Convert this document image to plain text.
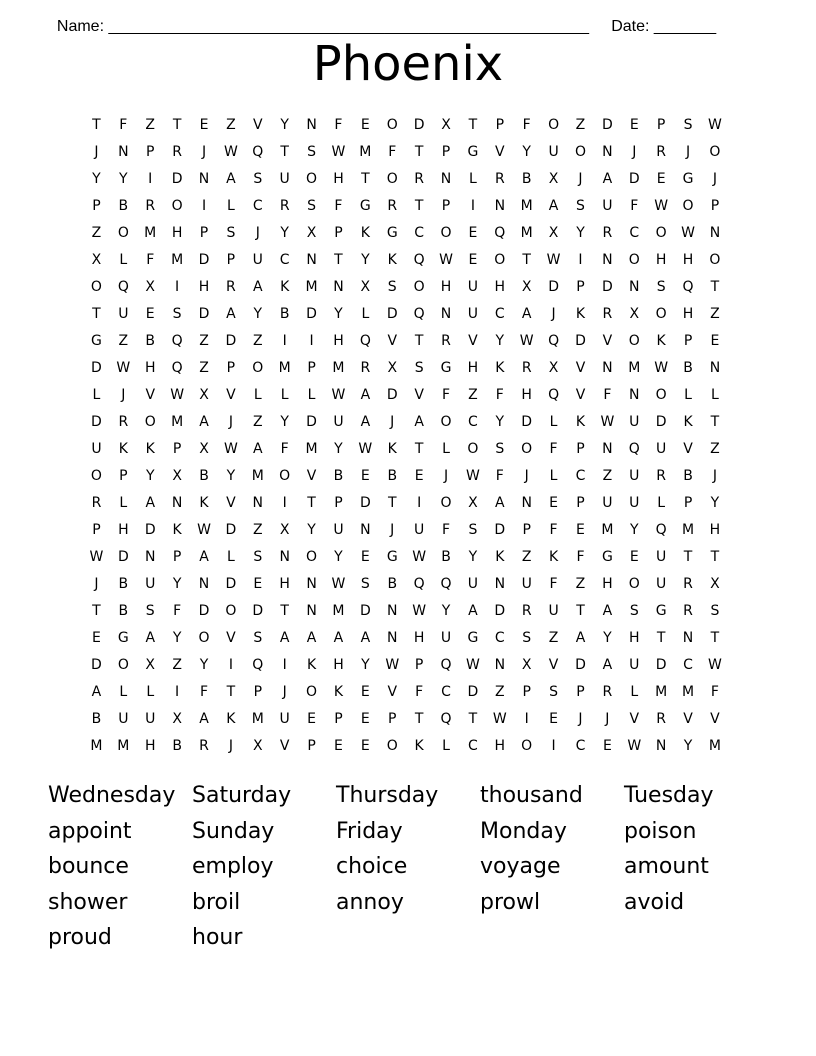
Name: ______________________________________________________     Date: _______

Phoenix
T	F	Z	T	E	Z	V	Y	N	F	E	O	D	X	T	P	F	O	Z	D	E	P	S	W
J	N	P	R	J	W	Q	T	S	W M	F	T	P	G	V	Y	U	O	N	J	R	J	O
Y	Y	I	D	N	A	S	U	O	H	T	O	R	N	L	R	B	X	J	A	D	E	G	J
P	B	R	O	I	L	C	R	S	F	G	R	T	P	I	N	M	A	S	U	F	W	O	P
Z	O	M	H	P	S	J	Y	X	P	K	G	C	O	E	Q	M	X	Y	R	C	O	W	N
X	L	F	M	D	P	U	C	N	T	Y	K	Q	W	E	O	T	W	I	N	O	H	H	O
O	Q	X	I	H	R	A	K	M	N	X	S	O	H	U	H	X	D	P	D	N	S	Q	T
T	U	E	S	D	A	Y	B	D	Y	L	D	Q	N	U	C	A	J	K	R	X	O	H	Z
G	Z	B	Q	Z	D	Z	I	I	H	Q	V	T	R	V	Y	W	Q	D	V	O	K	P	E
D	W	H	Q	Z	P	O	M	P	M	R	X	S	G	H	K	R	X	V	N	M W	B	N
L	J	V	W	X	V	L	L	L	W	A	D	V	F	Z	F	H	Q	V	F	N	O	L	L
D	R	O	M	A	J	Z	Y	D	U	A	J	A	O	C	Y	D	L	K	W	U	D	K	T
U	K	K	P	X	W	A	F	M	Y	W	K	T	L	O	S	O	F	P	N	Q	U	V	Z
O	P	Y	X	B	Y	M	O	V	B	E	B	E	J	W	F	J	L	C	Z	U	R	B	J
R	L	A	N	K	V	N	I	T	P	D	T	I	O	X	A	N	E	P	U	U	L	P	Y
P	H	D	K	W	D	Z	X	Y	U	N	J	U	F	S	D	P	F	E	M	Y	Q	M	H
W	D	N	P	A	L	S	N	O	Y	E	G	W	B	Y	K	Z	K	F	G	E	U	T	T
J	B	U	Y	N	D	E	H	N	W	S	B	Q	Q	U	N	U	F	Z	H	O	U	R	X
T	B	S	F	D	O	D	T	N	M	D	N	W	Y	A	D	R	U	T	A	S	G	R	S
E	G	A	Y	O	V	S	A	A	A	A	N	H	U	G	C	S	Z	A	Y	H	T	N	T
D	O	X	Z	Y	I	Q	I	K	H	Y	W	P	Q	W	N	X	V	D	A	U	D	C	W
A	L	L	I	F	T	P	J	O	K	E	V	F	C	D	Z	P	S	P	R	L	M	M	F
B	U	U	X	A	K	M	U	E	P	E	P	T	Q	T	W	I	E	J	J	V	R	V	V
M	M	H	B	R	J	X	V	P	E	E	O	K	L	C	H	O	I	C	E	W	N	Y	M
Wednesday Saturday	Thursday	thousand	Tuesday
appoint	Sunday	Friday	Monday	poison
bounce	employ	choice	voyage	amount
shower	broil	annoy	prowl	avoid
proud	hour
